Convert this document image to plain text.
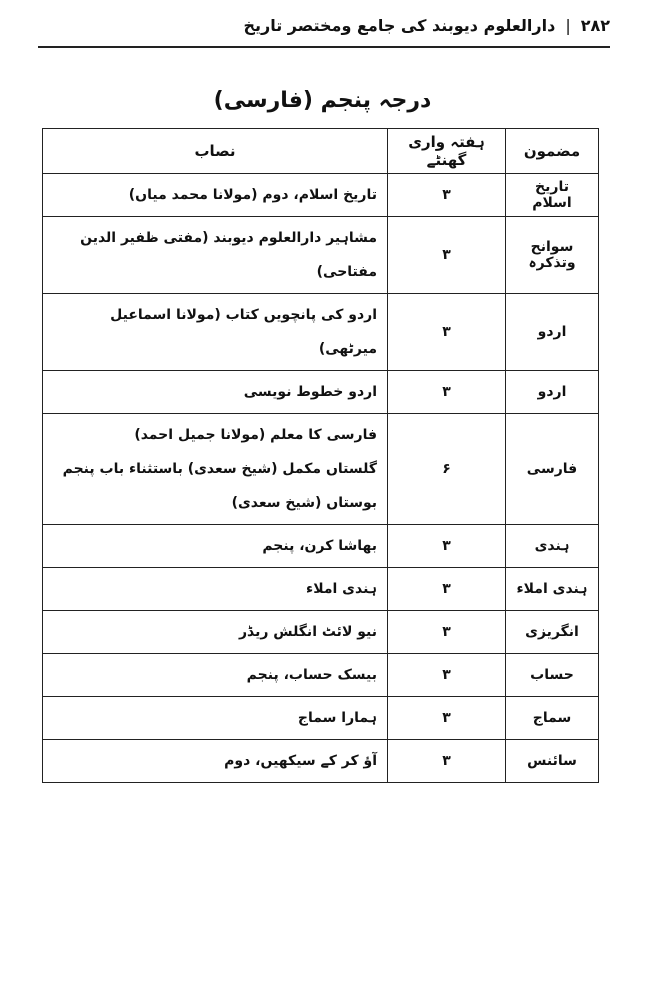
۲۸۲
|
دارالعلوم دیوبند کی جامع ومختصر تاریخ
درجہ پنجم (فارسی)
مضمون	ہفتہ واری گھنٹے	نصاب
تاریخ اسلام	۳	تاریخ اسلام، دوم (مولانا محمد میاں)

سوانح وتذکرہ	۳	مشاہیر دارالعلوم دیوبند (مفتی ظفیر الدین مفتاحی)

اردو	۳	اردو کی پانچویں کتاب (مولانا اسماعیل میرٹھی)

اردو	۳	اردو خطوط نویسی

فارسی	۶	فارسی کا معلم (مولانا جمیل احمد)
گلستاں مکمل (شیخ سعدی) باستثناء باب پنجم
بوستاں (شیخ سعدی)

ہندی	۳	بھاشا کرن، پنجم

ہندی املاء	۳	ہندی املاء

انگریزی	۳	نیو لائٹ انگلش ریڈر

حساب	۳	بیسک حساب، پنجم

سماج	۳	ہمارا سماج

سائنس	۳	آؤ کر کے سیکھیں، دوم
